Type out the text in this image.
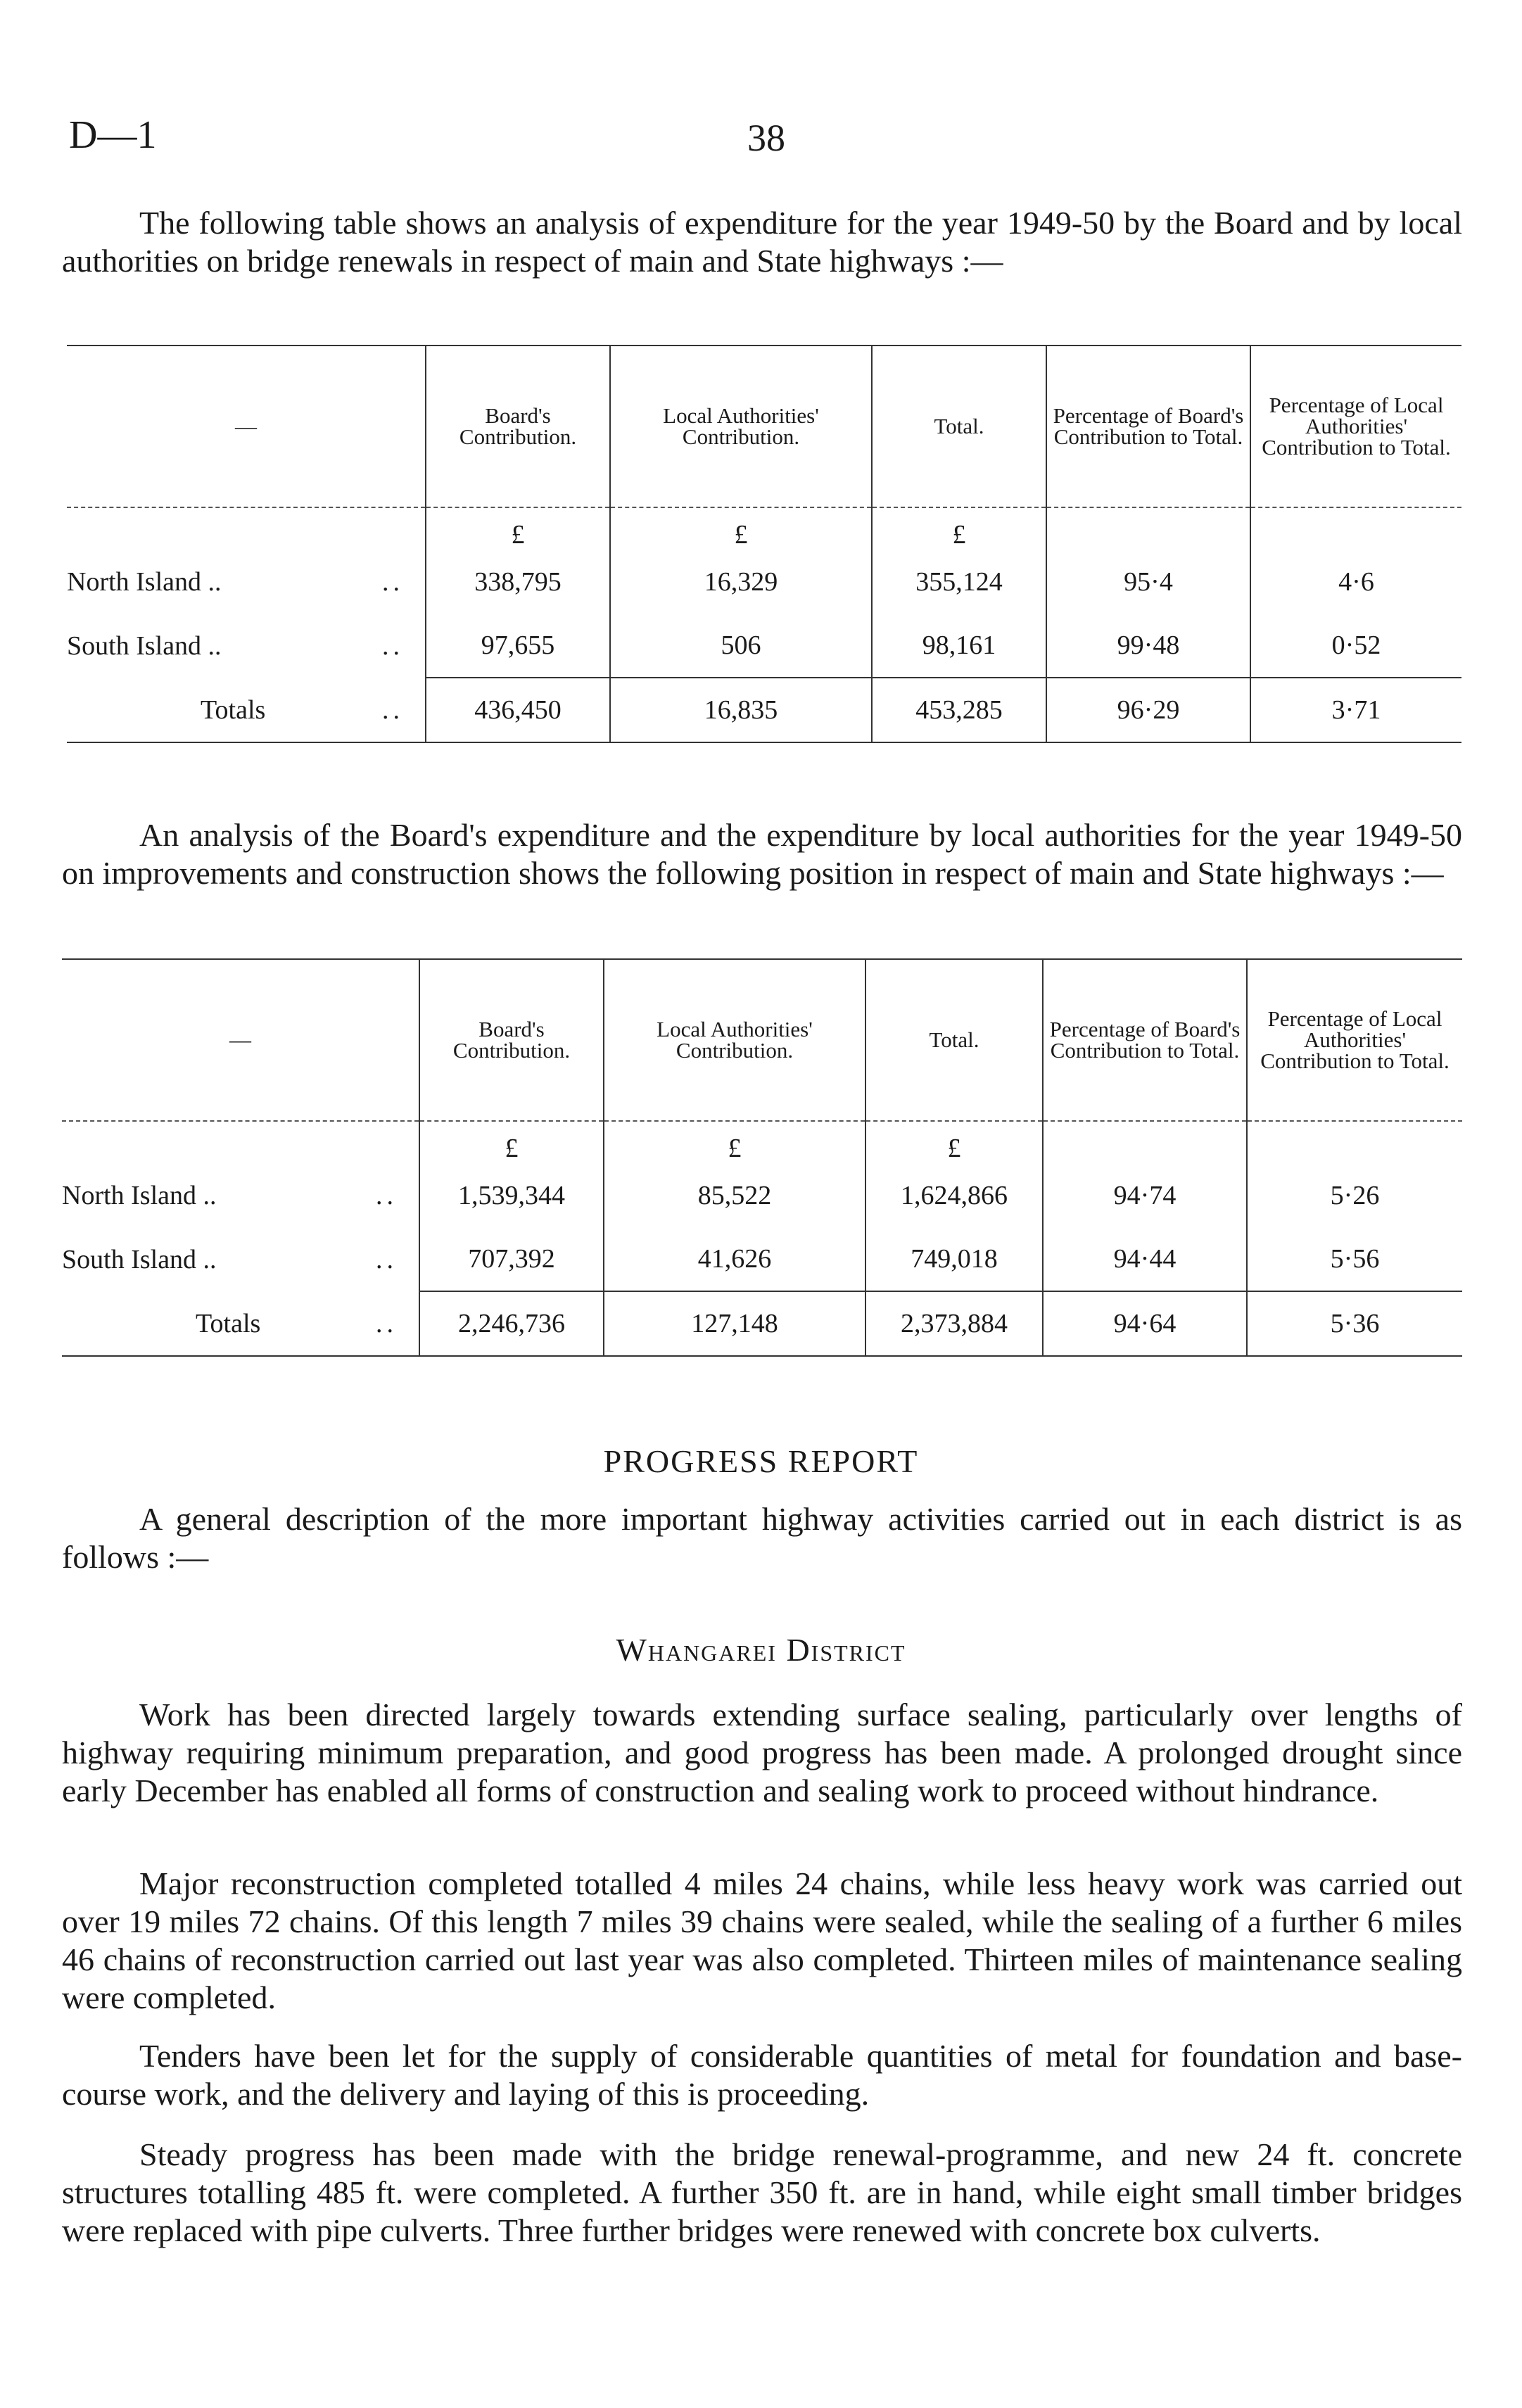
D—1	38

The following table shows an analysis of expenditure for the year 1949-50 by the Board and by local authorities on bridge renewals in respect of main and State highways :—

—	Board's Contribution.	Local Authorities' Contribution.	Total.	Percentage of Board's Contribution to Total.	Percentage of Local Authorities' Contribution to Total.
	£	£	£		
North Island .. ..	338,795	16,329	355,124	95·4	4·6
South Island .. ..	97,655	506	98,161	99·48	0·52
Totals ..	436,450	16,835	453,285	96·29	3·71

An analysis of the Board's expenditure and the expenditure by local authorities for the year 1949-50 on improvements and construction shows the following position in respect of main and State highways :—

—	Board's Contribution.	Local Authorities' Contribution.	Total.	Percentage of Board's Contribution to Total.	Percentage of Local Authorities' Contribution to Total.
	£	£	£		
North Island .. ..	1,539,344	85,522	1,624,866	94·74	5·26
South Island .. ..	707,392	41,626	749,018	94·44	5·56
Totals ..	2,246,736	127,148	2,373,884	94·64	5·36
PROGRESS REPORT

A general description of the more important highway activities carried out in each district is as follows :—

Whangarei District

Work has been directed largely towards extending surface sealing, particularly over lengths of highway requiring minimum preparation, and good progress has been made. A prolonged drought since early December has enabled all forms of construction and sealing work to proceed without hindrance.

Major reconstruction completed totalled 4 miles 24 chains, while less heavy work was carried out over 19 miles 72 chains. Of this length 7 miles 39 chains were sealed, while the sealing of a further 6 miles 46 chains of reconstruction carried out last year was also completed. Thirteen miles of maintenance sealing were completed.

Tenders have been let for the supply of considerable quantities of metal for foundation and base-course work, and the delivery and laying of this is proceeding.

Steady progress has been made with the bridge renewal-programme, and new 24 ft. concrete structures totalling 485 ft. were completed. A further 350 ft. are in hand, while eight small timber bridges were replaced with pipe culverts. Three further bridges were renewed with concrete box culverts.
